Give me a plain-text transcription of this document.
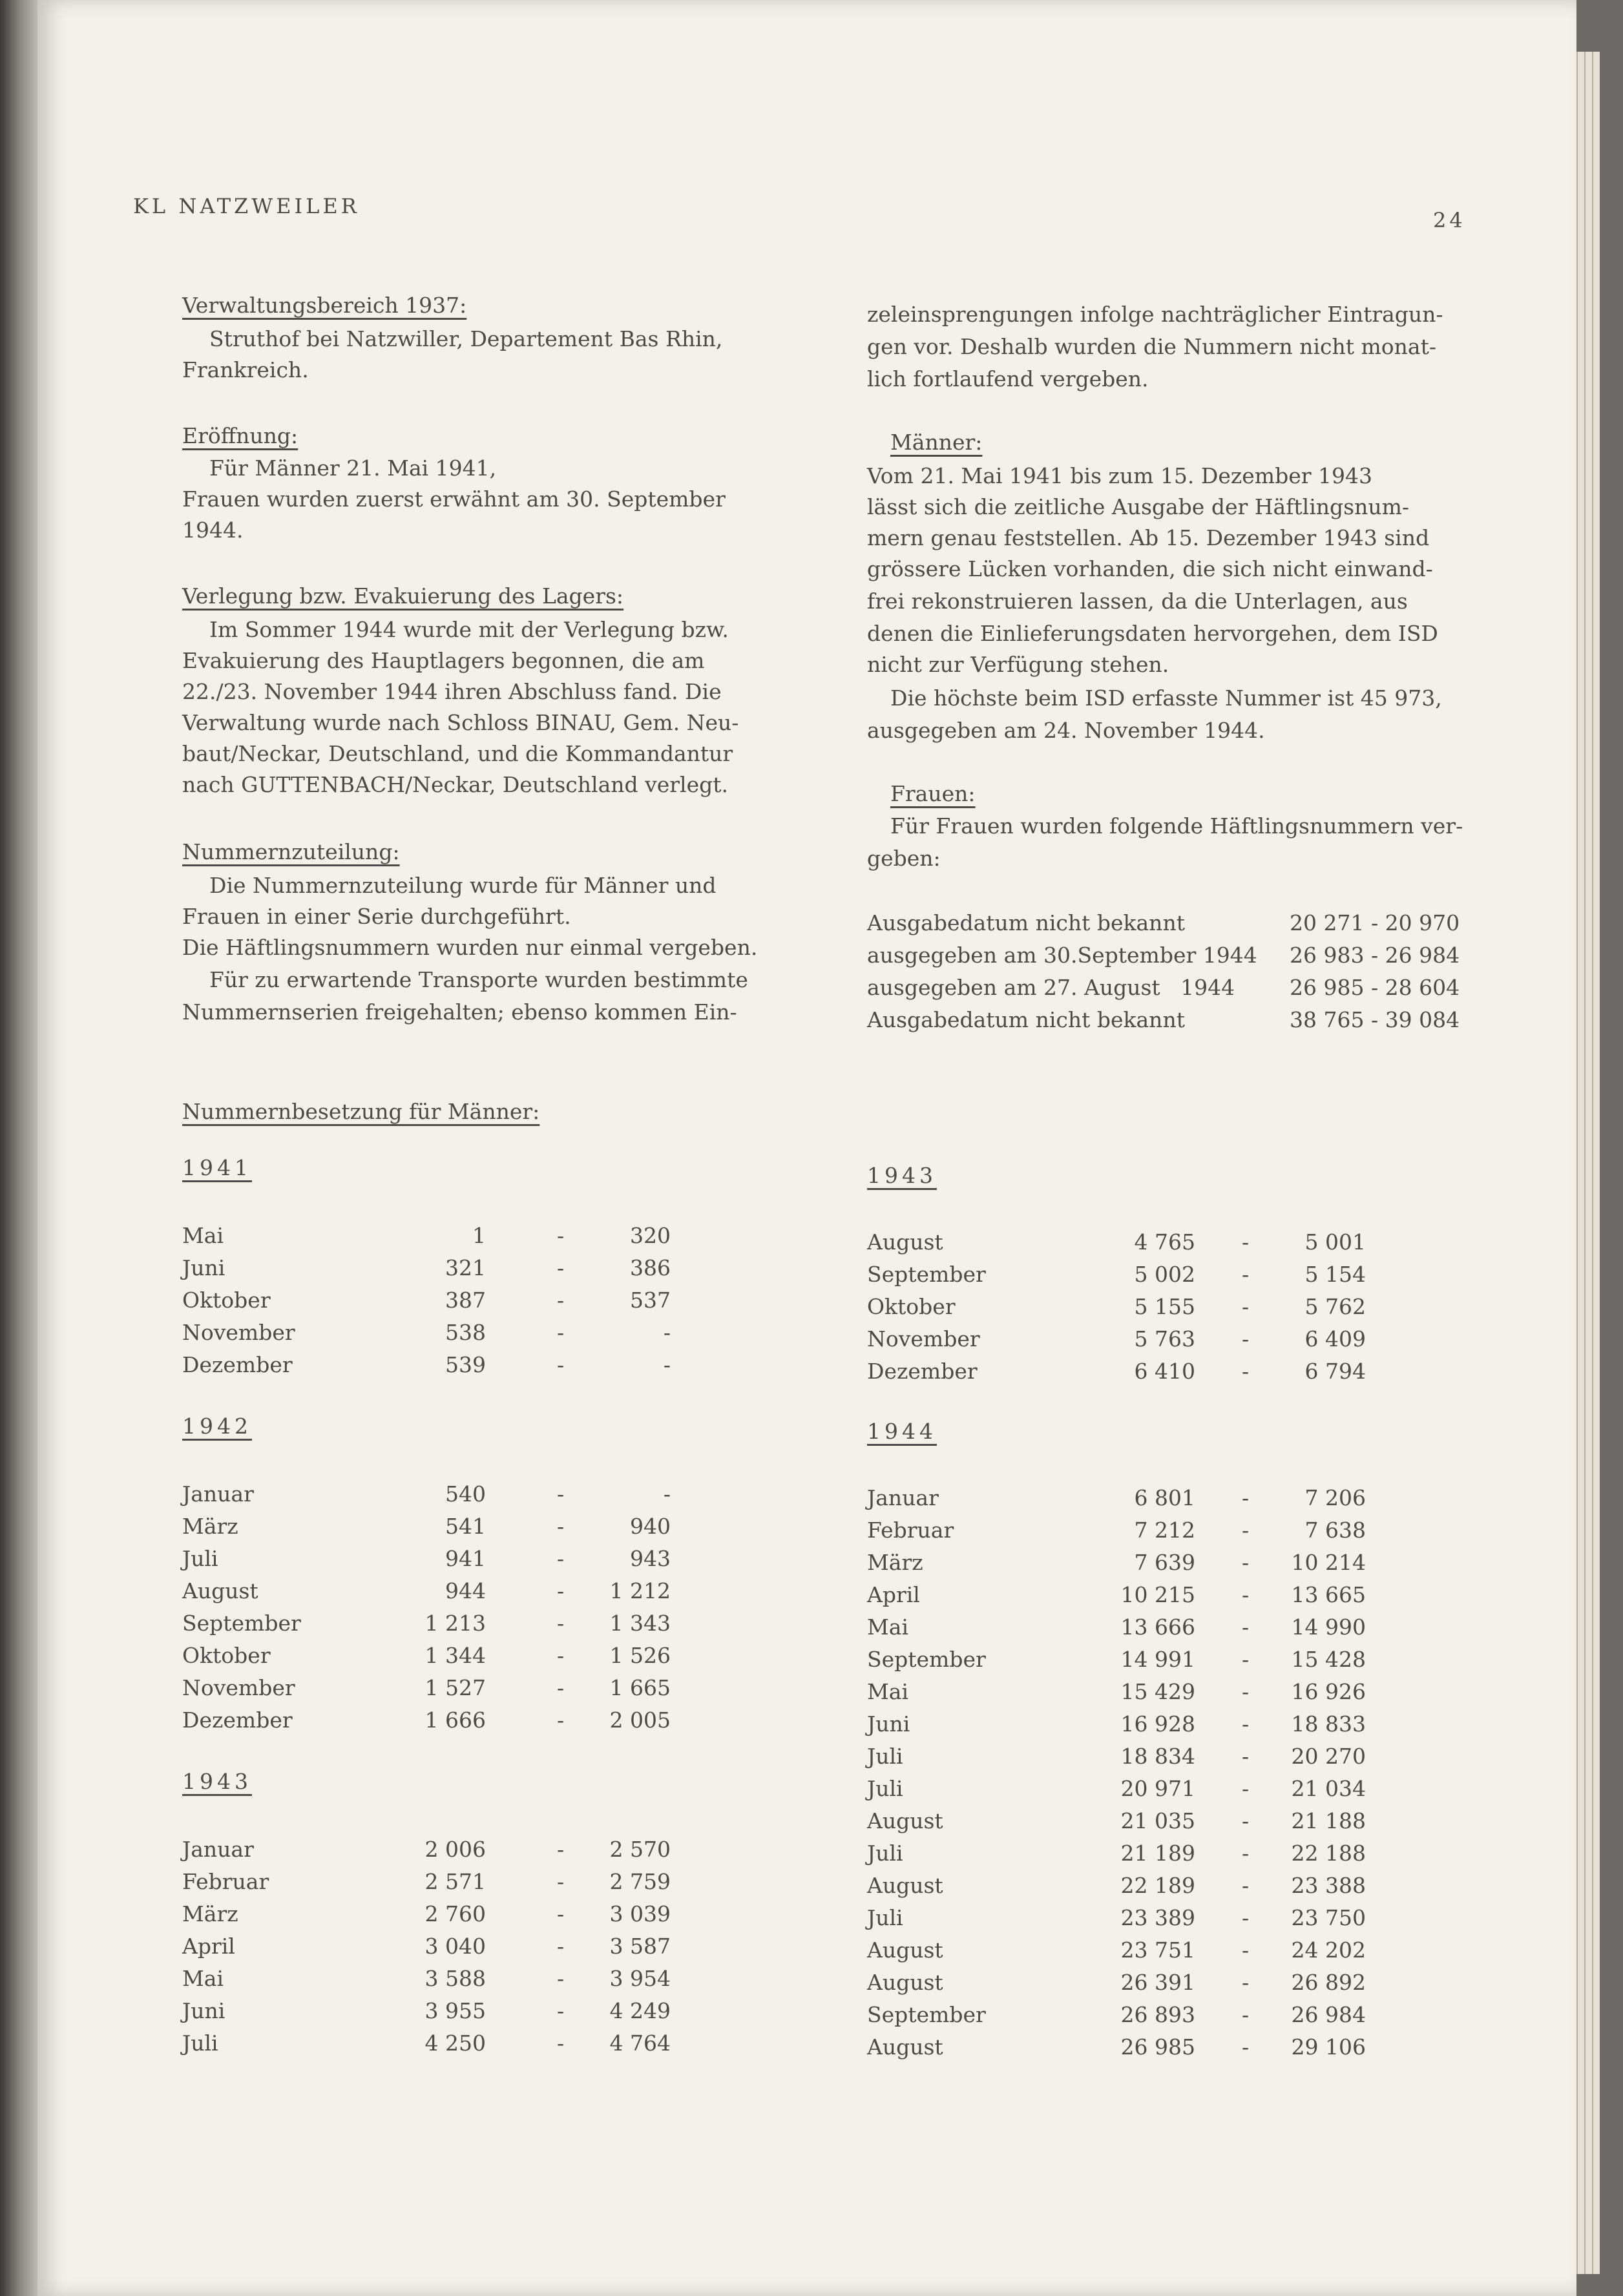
KL NATZWEILER
24
Verwaltungsbereich 1937:
Struthof bei Natzwiller, Departement Bas Rhin,
Frankreich.
Eröffnung:
Für Männer 21. Mai 1941,
Frauen wurden zuerst erwähnt am 30. September
1944.
Verlegung bzw. Evakuierung des Lagers:
Im Sommer 1944 wurde mit der Verlegung bzw.
Evakuierung des Hauptlagers begonnen, die am
22./23. November 1944 ihren Abschluss fand. Die
Verwaltung wurde nach Schloss BINAU, Gem. Neu-
baut/Neckar, Deutschland, und die Kommandantur
nach GUTTENBACH/Neckar, Deutschland verlegt.
Nummernzuteilung:
Die Nummernzuteilung wurde für Männer und
Frauen in einer Serie durchgeführt.
Die Häftlingsnummern wurden nur einmal vergeben.
Für zu erwartende Transporte wurden bestimmte
Nummernserien freigehalten; ebenso kommen Ein-
zeleinsprengungen infolge nachträglicher Eintragun-
gen vor. Deshalb wurden die Nummern nicht monat-
lich fortlaufend vergeben.
Männer:
Vom 21. Mai 1941 bis zum 15. Dezember 1943
lässt sich die zeitliche Ausgabe der Häftlingsnum-
mern genau feststellen. Ab 15. Dezember 1943 sind
grössere Lücken vorhanden, die sich nicht einwand-
frei rekonstruieren lassen, da die Unterlagen, aus
denen die Einlieferungsdaten hervorgehen, dem ISD
nicht zur Verfügung stehen.
Die höchste beim ISD erfasste Nummer ist 45 973,
ausgegeben am 24. November 1944.
Frauen:
Für Frauen wurden folgende Häftlingsnummern ver-
geben:
Ausgabedatum nicht bekannt	20 271 - 20 970
ausgegeben am 30.September 1944 26 983 - 26 984
ausgegeben am 27. August   1944	26 985 - 28 604
Ausgabedatum nicht bekannt	38 765 - 39 084
Nummernbesetzung für Männer:
1941
Mai	1	-	320
Juni	321	-	386
Oktober	387	-	537
November	538	-	-
Dezember	539	-	-
1942
Januar	540	-	-
März	541	-	940
Juli	941	-	943
August	944	-	1 212
September	1 213	-	1 343
Oktober	1 344	-	1 526
November	1 527	-	1 665
Dezember	1 666	-	2 005
1943
Januar	2 006	-	2 570
Februar	2 571	-	2 759
März	2 760	-	3 039
April	3 040	-	3 587
Mai	3 588	-	3 954
Juni	3 955	-	4 249
Juli	4 250	-	4 764
1943
August	4 765 -	5 001
September	5 002 -	5 154
Oktober	5 155 -	5 762
November	5 763 -	6 409
Dezember	6 410 -	6 794
1944
Januar	6 801 -	7 206
Februar	7 212 -	7 638
März	7 639 -	10 214
April	10 215 -	13 665
Mai	13 666 -	14 990
September	14 991 -	15 428
Mai	15 429 -	16 926
Juni	16 928 -	18 833
Juli	18 834 -	20 270
Juli	20 971 -	21 034
August	21 035 -	21 188
Juli	21 189 -	22 188
August	22 189 -	23 388
Juli	23 389 -	23 750
August	23 751 -	24 202
August	26 391 -	26 892
September	26 893 -	26 984
August	26 985 -	29 106
